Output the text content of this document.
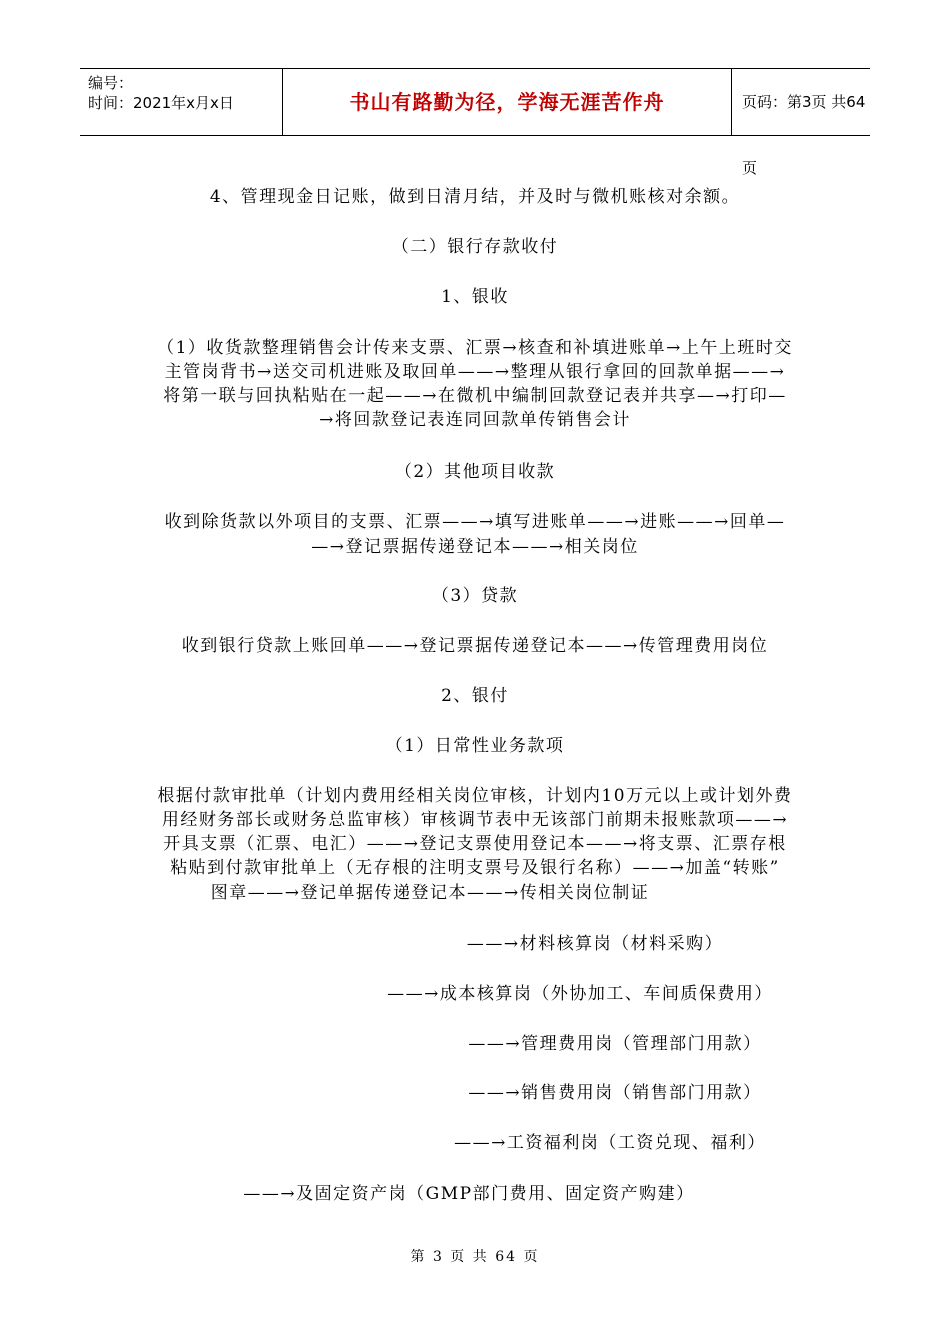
编号：
时间：2021年x月x日	书山有路勤为径，学海无涯苦作舟	页码：第3页 共64页
4、管理现金日记账，做到日清月结，并及时与微机账核对余额。
（二）银行存款收付
1、银收
（1）收货款整理销售会计传来支票、汇票→核查和补填进账单→上午上班时交
主管岗背书→送交司机进账及取回单——→整理从银行拿回的回款单据——→
将第一联与回执粘贴在一起——→在微机中编制回款登记表并共享—→打印—
→将回款登记表连同回款单传销售会计
（2）其他项目收款
收到除货款以外项目的支票、汇票——→填写进账单——→进账——→回单—
—→登记票据传递登记本——→相关岗位
（3）贷款
收到银行贷款上账回单——→登记票据传递登记本——→传管理费用岗位
2、银付
（1）日常性业务款项
根据付款审批单（计划内费用经相关岗位审核，计划内10万元以上或计划外费
用经财务部长或财务总监审核）审核调节表中无该部门前期未报账款项——→
开具支票（汇票、电汇）——→登记支票使用登记本——→将支票、汇票存根
粘贴到付款审批单上（无存根的注明支票号及银行名称）——→加盖“转账”
图章——→登记单据传递登记本——→传相关岗位制证
——→材料核算岗（材料采购）
——→成本核算岗（外协加工、车间质保费用）
——→管理费用岗（管理部门用款）
——→销售费用岗（销售部门用款）
——→工资福利岗（工资兑现、福利）
——→及固定资产岗（GMP部门费用、固定资产购建）
第 3 页 共 64 页
